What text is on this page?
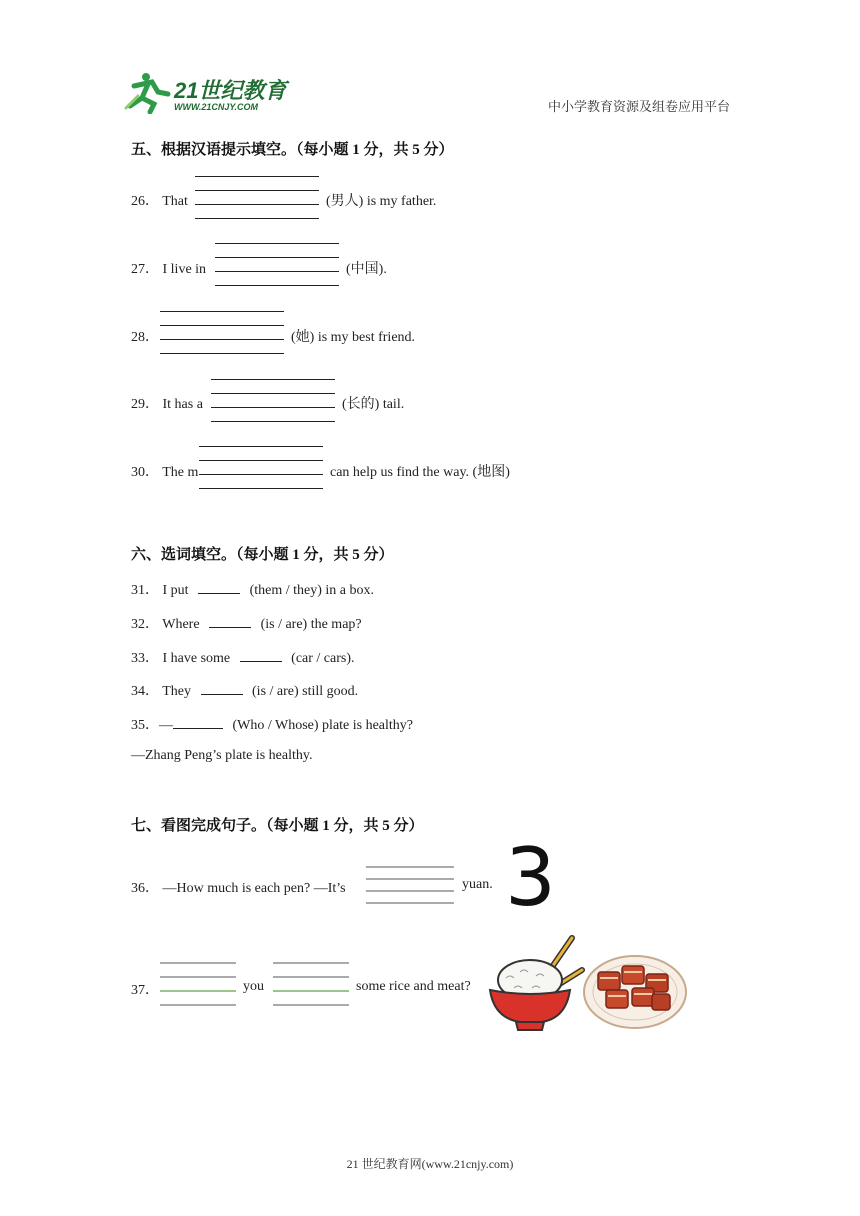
21世纪教育
WWW.21CNJY.COM	中小学教育资源及组卷应用平台
五、根据汉语提示填空。（每小题 1 分，共 5 分）
26． That	(男人) is my father.
27． I live in	(中国).
28．	(她) is my best friend.
29． It has a	(长的) tail.
30． The m	can help us find the way. (地图)
六、选词填空。（每小题 1 分，共 5 分）
31． I put	(them / they) in a box.
32． Where	(is / are) the map?
33． I have some	(car / cars).
34． They	(is / are) still good.
35．—	(Who / Whose) plate is healthy?
—Zhang Peng’s plate is healthy.
七、看图完成句子。（每小题 1 分，共 5 分）
36． —How much is each pen? —It’s	yuan. 3
37．	you	some rice and meat?
21 世纪教育网(www.21cnjy.com)
